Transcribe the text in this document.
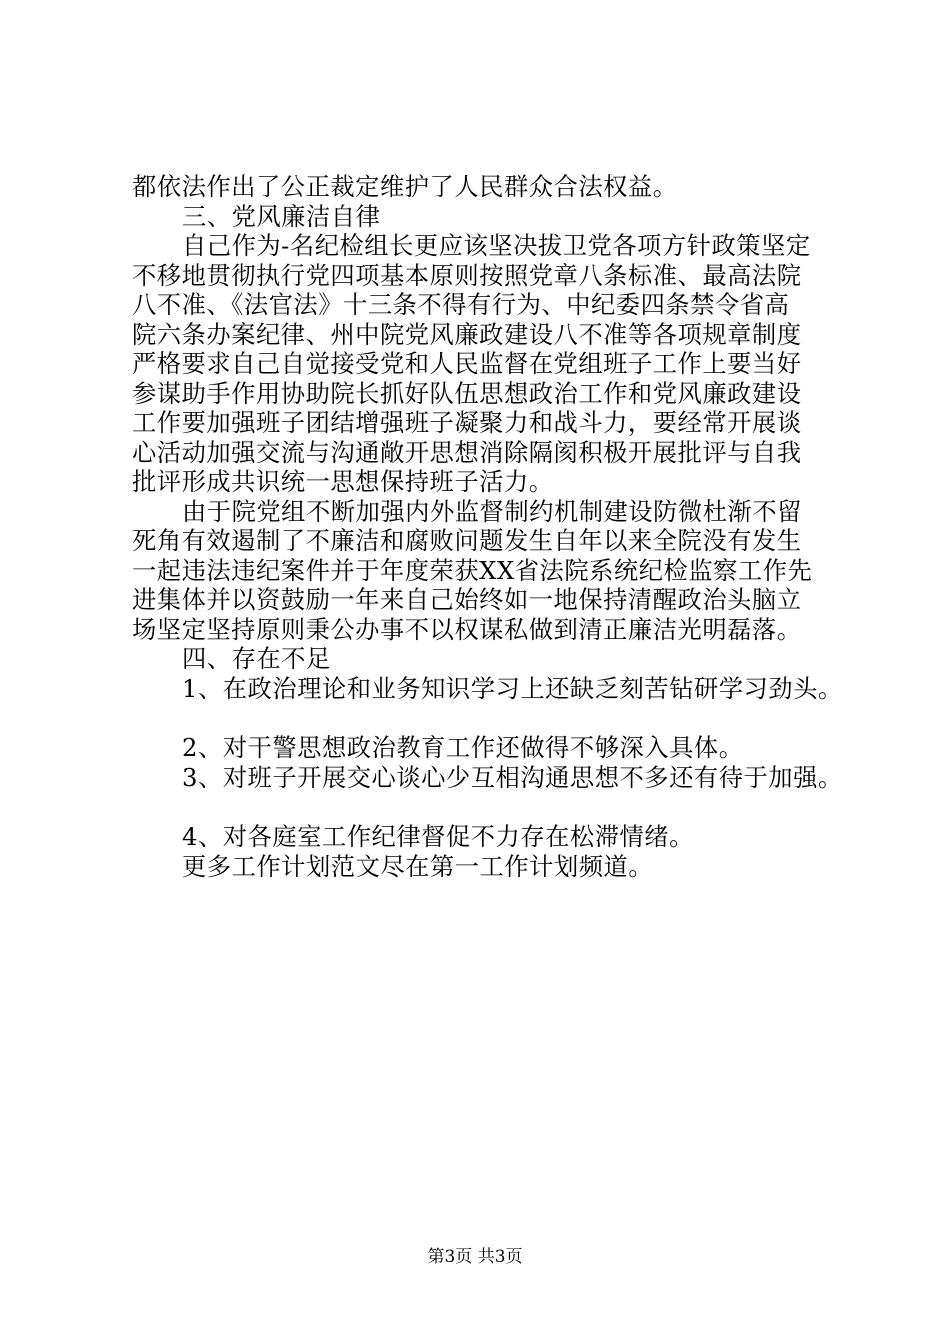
都依法作出了公正裁定维护了人民群众合法权益。
三、党风廉洁自律
自己作为-名纪检组长更应该坚决拔卫党各项方针政策坚定
不移地贯彻执行党四项基本原则按照党章八条标准、最高法院
八不准、《法官法》十三条不得有行为、中纪委四条禁令省高
院六条办案纪律、州中院党风廉政建设八不准等各项规章制度
严格要求自己自觉接受党和人民监督在党组班子工作上要当好
参谋助手作用协助院长抓好队伍思想政治工作和党风廉政建设
工作要加强班子团结增强班子凝聚力和战斗力，要经常开展谈
心活动加强交流与沟通敞开思想消除隔阂积极开展批评与自我
批评形成共识统一思想保持班子活力。
由于院党组不断加强内外监督制约机制建设防微杜渐不留
死角有效遏制了不廉洁和腐败问题发生自年以来全院没有发生
一起违法违纪案件并于年度荣获XX省法院系统纪检监察工作先
进集体并以资鼓励一年来自己始终如一地保持清醒政治头脑立
场坚定坚持原则秉公办事不以权谋私做到清正廉洁光明磊落。
四、存在不足
1、在政治理论和业务知识学习上还缺乏刻苦钻研学习劲头。
2、对干警思想政治教育工作还做得不够深入具体。
3、对班子开展交心谈心少互相沟通思想不多还有待于加强。
4、对各庭室工作纪律督促不力存在松滞情绪。
更多工作计划范文尽在第一工作计划频道。
第3页 共3页
